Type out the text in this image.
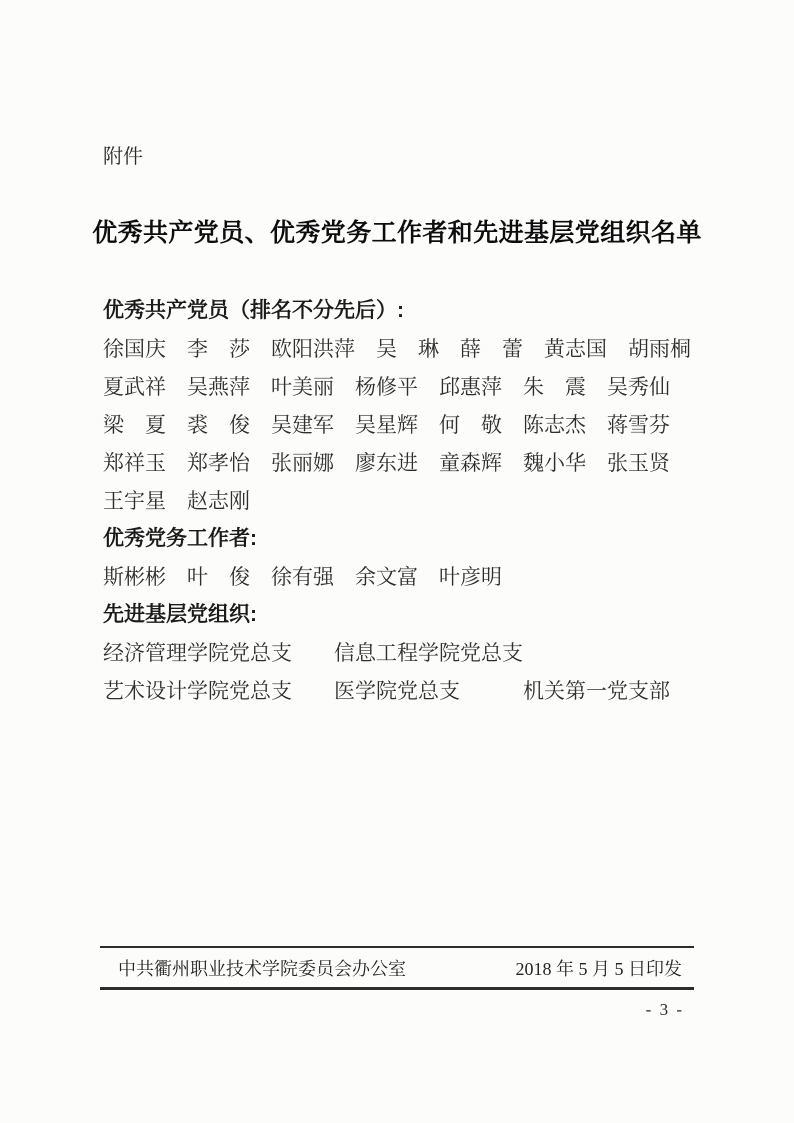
附件
优秀共产党员、优秀党务工作者和先进基层党组织名单
优秀共产党员（排名不分先后）:
徐国庆　李　莎　欧阳洪萍　吴　琳　薛　蕾　黄志国　胡雨桐
夏武祥　吴燕萍　叶美丽　杨修平　邱惠萍　朱　震　吴秀仙
梁　夏　裘　俊　吴建军　吴星辉　何　敬　陈志杰　蒋雪芬
郑祥玉　郑孝怡　张丽娜　廖东进　童森辉　魏小华　张玉贤
王宇星　赵志刚
优秀党务工作者:
斯彬彬　叶　俊　徐有强　余文富　叶彦明
先进基层党组织:
经济管理学院党总支　　信息工程学院党总支
艺术设计学院党总支　　医学院党总支　　　机关第一党支部
中共衢州职业技术学院委员会办公室	2018 年 5 月 5 日印发
- 3 -
